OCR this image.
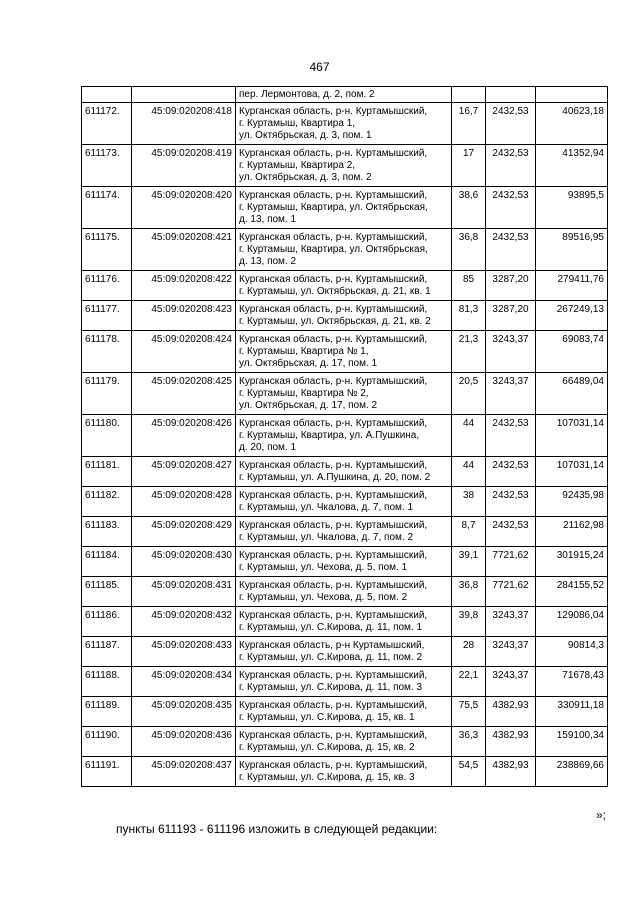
467

		пер. Лермонтова, д. 2, пом. 2			

611172.	45:09:020208:418	Курганская область, р-н. Куртамышский,
г. Куртамыш, Квартира 1,
ул. Октябрьская, д. 3, пом. 1	16,7	2432,53	40623,18
611173.	45:09:020208:419	Курганская область, р-н. Куртамышский,
г. Куртамыш, Квартира 2,
ул. Октябрьская, д. 3, пом. 2	17	2432,53	41352,94
611174.	45:09:020208:420	Курганская область, р-н. Куртамышский,
г. Куртамыш, Квартира, ул. Октябрьская,
д. 13, пом. 1	38,6	2432,53	93895,5
611175.	45:09:020208:421	Курганская область, р-н. Куртамышский,
г. Куртамыш, Квартира, ул. Октябрьская,
д. 13, пом. 2	36,8	2432,53	89516,95
611176.	45:09:020208:422	Курганская область, р-н. Куртамышский,
г. Куртамыш, ул. Октябрьская, д. 21, кв. 1	85	3287,20	279411,76
611177.	45:09:020208:423	Курганская область, р-н. Куртамышский,
г. Куртамыш, ул. Октябрьская, д. 21, кв. 2	81,3	3287,20	267249,13
611178.	45:09:020208:424	Курганская область, р-н. Куртамышский,
г. Куртамыш, Квартира № 1,
ул. Октябрьская, д. 17, пом. 1	21,3	3243,37	69083,74
611179.	45:09:020208:425	Курганская область, р-н. Куртамышский,
г. Куртамыш, Квартира № 2,
ул. Октябрьская, д. 17, пом. 2	20,5	3243,37	66489,04
611180.	45:09:020208:426	Курганская область, р-н. Куртамышский,
г. Куртамыш, Квартира, ул. А.Пушкина,
д. 20, пом. 1	44	2432,53	107031,14
611181.	45:09:020208:427	Курганская область, р-н. Куртамышский,
г. Куртамыш, ул. А.Пушкина, д. 20, пом. 2	44	2432,53	107031,14
611182.	45:09:020208:428	Курганская область, р-н. Куртамышский,
г. Куртамыш, ул. Чкалова, д. 7, пом. 1	38	2432,53	92435,98
611183.	45:09:020208:429	Курганская область, р-н. Куртамышский,
г. Куртамыш, ул. Чкалова, д. 7, пом. 2	8,7	2432,53	21162,98
611184.	45:09:020208:430	Курганская область, р-н. Куртамышский,
г. Куртамыш, ул. Чехова, д. 5, пом. 1	39,1	7721,62	301915,24
611185.	45:09:020208:431	Курганская область, р-н. Куртамышский,
г. Куртамыш, ул. Чехова, д. 5, пом. 2	36,8	7721,62	284155,52
611186.	45:09:020208:432	Курганская область, р-н. Куртамышский,
г. Куртамыш, ул. С.Кирова, д. 11, пом. 1	39,8	3243,37	129086,04
611187.	45:09:020208:433	Курганская область, р-н Куртамышский,
г. Куртамыш, ул. С.Кирова, д. 11, пом. 2	28	3243,37	90814,3
611188.	45:09:020208:434	Курганская область, р-н. Куртамышский,
г. Куртамыш, ул. С.Кирова, д. 11, пом. 3	22,1	3243,37	71678,43
611189.	45:09:020208:435	Курганская область, р-н. Куртамышский,
г. Куртамыш, ул. С.Кирова, д. 15, кв. 1	75,5	4382,93	330911,18
611190.	45:09:020208:436	Курганская область, р-н. Куртамышский,
г. Куртамыш, ул. С.Кирова, д. 15, кв. 2	36,3	4382,93	159100,34
611191.	45:09:020208:437	Курганская область, р-н. Куртамышский,
г. Куртамыш, ул. С.Кирова, д. 15, кв. 3	54,5	4382,93	238869,66
»;
пункты 611193 - 611196 изложить в следующей редакции:
